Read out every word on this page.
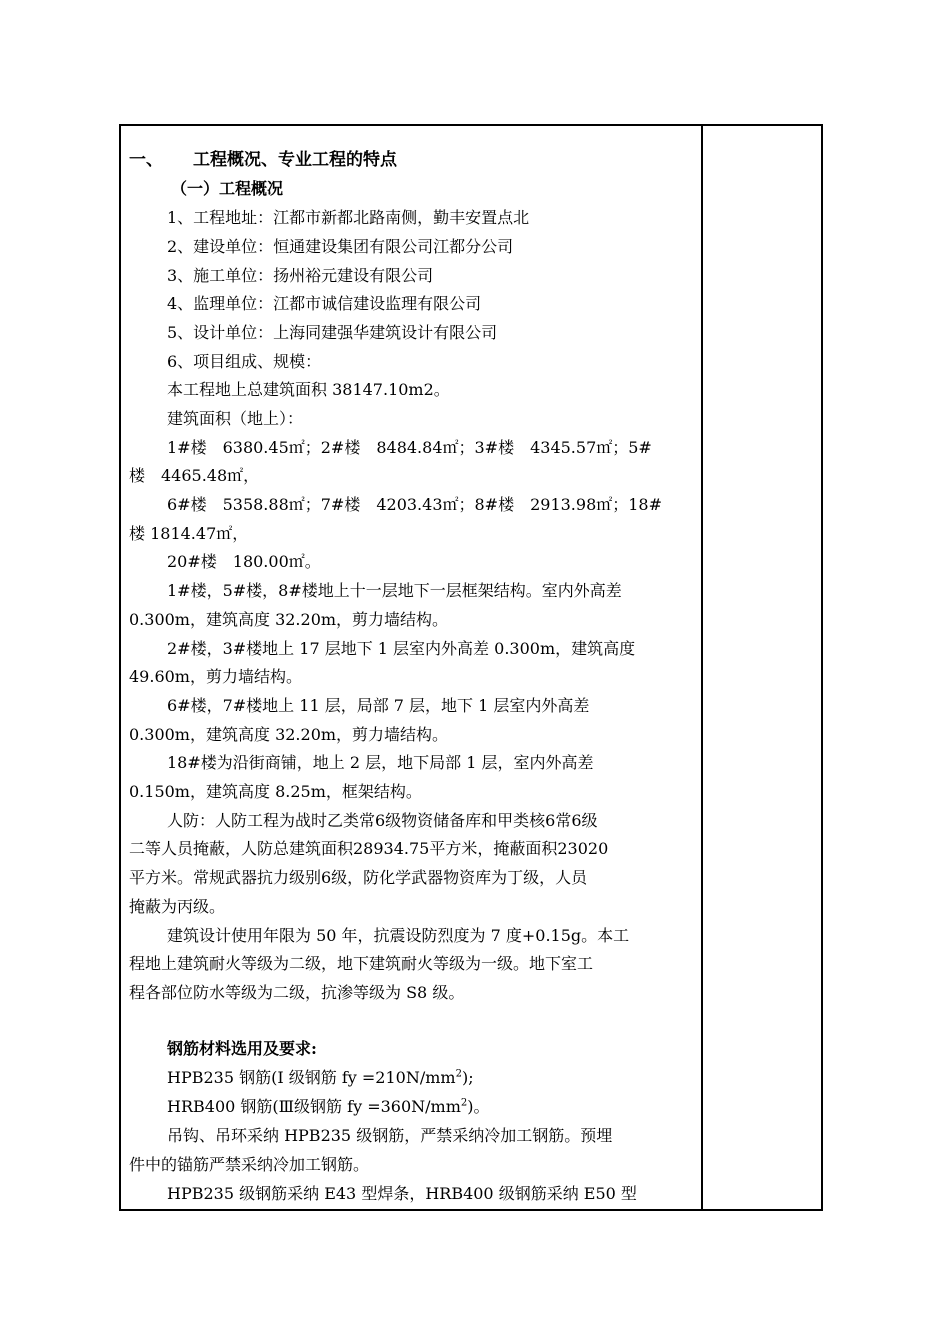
一、 工程概况、专业工程的特点
（一）工程概况
1、工程地址：江都市新都北路南侧，勤丰安置点北
2、建设单位：恒通建设集团有限公司江都分公司
3、施工单位：扬州裕元建设有限公司
4、监理单位：江都市诚信建设监理有限公司
5、设计单位：上海同建强华建筑设计有限公司
6、项目组成、规模：
本工程地上总建筑面积 38147.10m2。
建筑面积（地上）：
1#楼　6380.45㎡；2#楼　8484.84㎡；3#楼　4345.57㎡；5#
楼　4465.48㎡，
6#楼　5358.88㎡；7#楼　4203.43㎡；8#楼　2913.98㎡；18#
楼 1814.47㎡，
20#楼　180.00㎡。
1#楼，5#楼，8#楼地上十一层地下一层框架结构。室内外高差
0.300m，建筑高度 32.20m，剪力墙结构。
2#楼，3#楼地上 17 层地下 1 层室内外高差 0.300m，建筑高度
49.60m，剪力墙结构。
6#楼，7#楼地上 11 层，局部 7 层，地下 1 层室内外高差
0.300m，建筑高度 32.20m，剪力墙结构。
18#楼为沿街商铺，地上 2 层，地下局部 1 层，室内外高差
0.150m，建筑高度 8.25m，框架结构。
人防：人防工程为战时乙类常6级物资储备库和甲类核6常6级
二等人员掩蔽，人防总建筑面积28934.75平方米，掩蔽面积23020
平方米。常规武器抗力级别6级，防化学武器物资库为丁级，人员
掩蔽为丙级。
建筑设计使用年限为 50 年，抗震设防烈度为 7 度+0.15g。本工
程地上建筑耐火等级为二级，地下建筑耐火等级为一级。地下室工
程各部位防水等级为二级，抗渗等级为 S8 级。
钢筋材料选用及要求:
HPB235 钢筋(Ⅰ 级钢筋 fy $=210N/mm^2$);
HRB400 钢筋(Ⅲ级钢筋 fy $=360N/mm^2$)。
吊钩、吊环采纳 HPB235 级钢筋，严禁采纳冷加工钢筋。预埋
件中的锚筋严禁采纳冷加工钢筋。
HPB235 级钢筋采纳 E43 型焊条，HRB400 级钢筋采纳 E50 型
